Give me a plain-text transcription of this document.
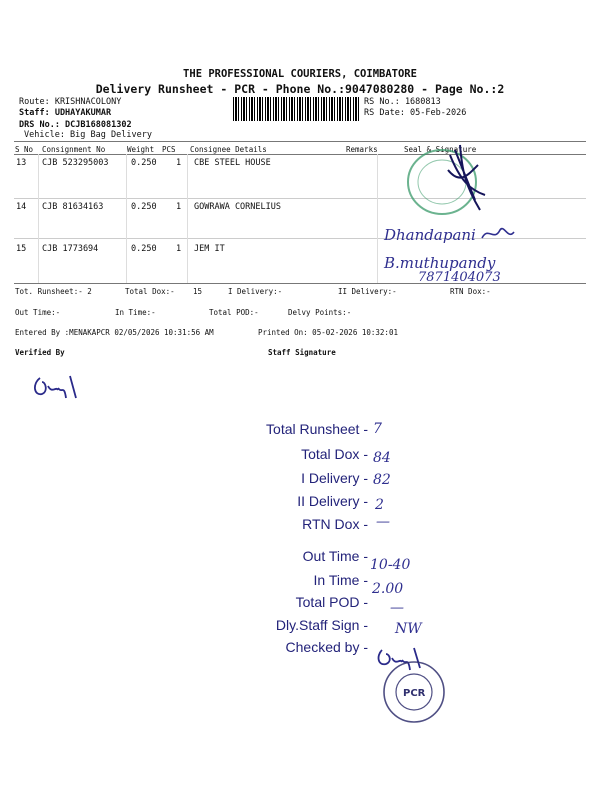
THE PROFESSIONAL COURIERS, COIMBATORE
Delivery Runsheet - PCR - Phone No.:9047080280 - Page No.:2
Route: KRISHNACOLONY
Staff: UDHAYAKUMAR
DRS No.: DCJB168081302
Vehicle: Big Bag Delivery
RS No.: 1680813
RS Date: 05-Feb-2026
S No Consignment No	Weight PCS Consignee Details	Remarks	Seal & Signature
13 CJB 523295003	0.250 1 CBE STEEL HOUSE
14 CJB 81634163	0.250 1 GOWRAWA CORNELIUS
15 CJB 1773694	0.250 1 JEM IT
Dhandapani
B.muthupandy
7871404073
Tot. Runsheet:- 2	Total Dox:- 15	I Delivery:-	II Delivery:-	RTN Dox:-
Out Time:-	In Time:-	Total POD:-	Delvy Points:-
Entered By :MENAKAPCR 02/05/2026 10:31:56 AM	Printed On: 05-02-2026 10:32:01
Verified By	Staff Signature
Total Runsheet - 7
Total Dox - 84
I Delivery - 82
II Delivery - 2
RTN Dox - —
Out Time -
10-40
In Time -
2.00
Total POD - —
Dly.Staff Sign - NW
Checked by -
PCR
